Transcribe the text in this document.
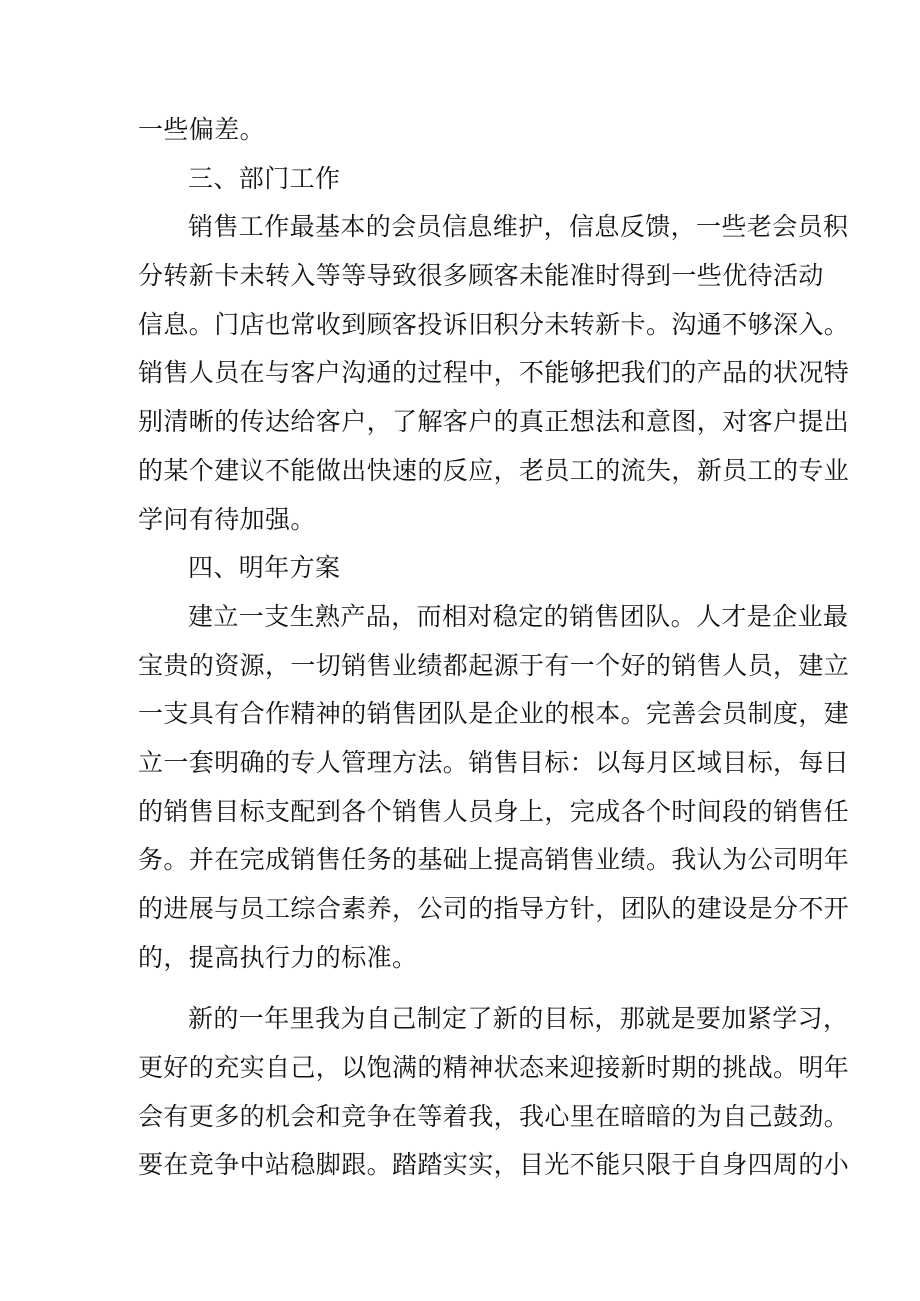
一些偏差。
三、部门工作
销售工作最基本的会员信息维护，信息反馈，一些老会员积
分转新卡未转入等等导致很多顾客未能准时得到一些优待活动
信息。门店也常收到顾客投诉旧积分未转新卡。沟通不够深入。
销售人员在与客户沟通的过程中，不能够把我们的产品的状况特
别清晰的传达给客户，了解客户的真正想法和意图，对客户提出
的某个建议不能做出快速的反应，老员工的流失，新员工的专业
学问有待加强。
四、明年方案
建立一支生熟产品，而相对稳定的销售团队。人才是企业最
宝贵的资源，一切销售业绩都起源于有一个好的销售人员，建立
一支具有合作精神的销售团队是企业的根本。完善会员制度，建
立一套明确的专人管理方法。销售目标：以每月区域目标，每日
的销售目标支配到各个销售人员身上，完成各个时间段的销售任
务。并在完成销售任务的基础上提高销售业绩。我认为公司明年
的进展与员工综合素养，公司的指导方针，团队的建设是分不开
的，提高执行力的标准。
新的一年里我为自己制定了新的目标，那就是要加紧学习，
更好的充实自己，以饱满的精神状态来迎接新时期的挑战。明年
会有更多的机会和竞争在等着我，我心里在暗暗的为自己鼓劲。
要在竞争中站稳脚跟。踏踏实实，目光不能只限于自身四周的小
